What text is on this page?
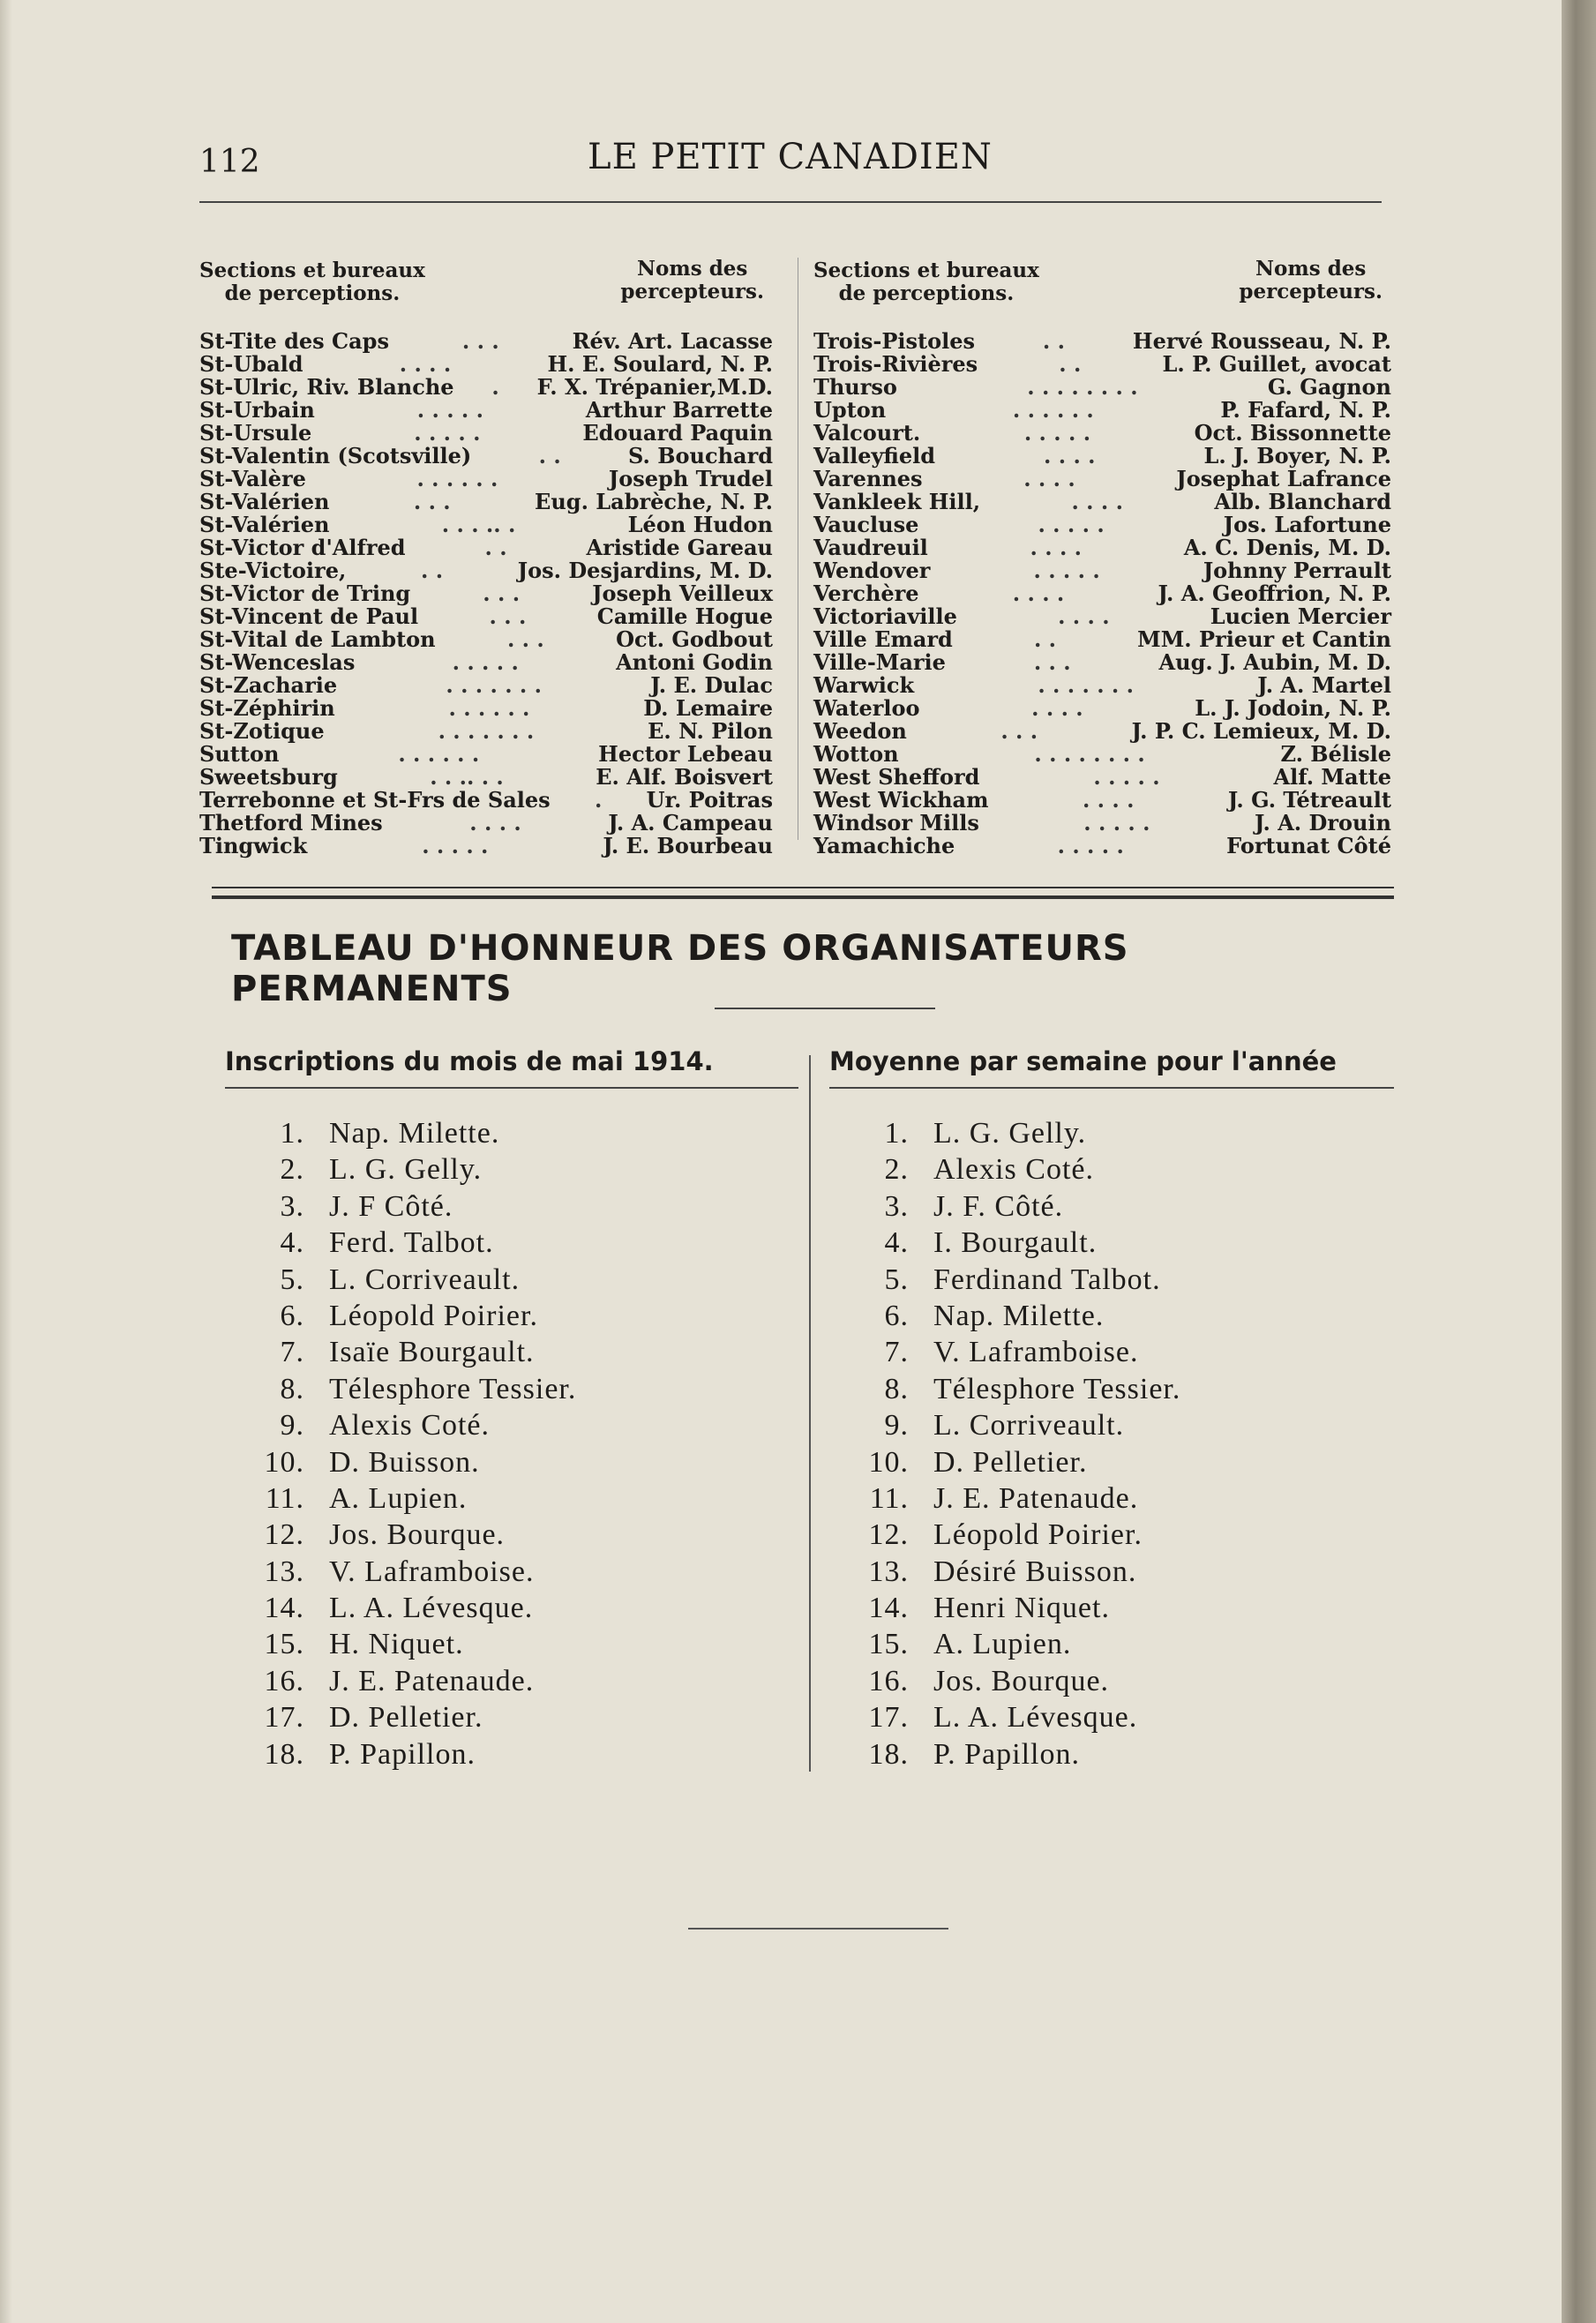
112	LE PETIT CANADIEN
Sections et bureaux
de perceptions.
Noms des
percepteurs.
St-Tite des Caps	. . .	Rév. Art. Lacasse
St-Ubald	. . . .	H. E. Soulard, N. P.
St-Ulric, Riv. Blanche	.	F. X. Trépanier,M.D.
St-Urbain	. . . . .	Arthur Barrette
St-Ursule	. . . . .	Edouard Paquin
St-Valentin (Scotsville)	. .	S. Bouchard
St-Valère	. . . . . .	Joseph Trudel
St-Valérien	. . .	Eug. Labrèche, N. P.
St-Valérien	. . . .. .	Léon Hudon
St-Victor d'Alfred	. .	Aristide Gareau
Ste-Victoire,	. .	Jos. Desjardins, M. D.
St-Victor de Tring	. . .	Joseph Veilleux
St-Vincent de Paul	. . .	Camille Hogue
St-Vital de Lambton	. . .	Oct. Godbout
St-Wenceslas	. . . . .	Antoni Godin
St-Zacharie	. . . . . . .	J. E. Dulac
St-Zéphirin	. . . . . .	D. Lemaire
St-Zotique	. . . . . . .	E. N. Pilon
Sutton	. . . . . .	Hector Lebeau
Sweetsburg	. . .. . .	E. Alf. Boisvert
Terrebonne et St-Frs de Sales	.	Ur. Poitras
Thetford Mines	. . . .	J. A. Campeau
Tingwick	. . . . .	J. E. Bourbeau
Sections et bureaux
de perceptions.
Noms des
percepteurs.
Trois-Pistoles	. .	Hervé Rousseau, N. P.
Trois-Rivières	. .	L. P. Guillet, avocat
Thurso	. . . . . . . .	G. Gagnon
Upton	. . . . . .	P. Fafard, N. P.
Valcourt.	. . . . .	Oct. Bissonnette
Valleyfield	. . . .	L. J. Boyer, N. P.
Varennes	. . . .	Josephat Lafrance
Vankleek Hill,	. . . .	Alb. Blanchard
Vaucluse	. . . . .	Jos. Lafortune
Vaudreuil	. . . .	A. C. Denis, M. D.
Wendover	. . . . .	Johnny Perrault
Verchère	. . . .	J. A. Geoffrion, N. P.
Victoriaville	. . . .	Lucien Mercier
Ville Emard	. .	MM. Prieur et Cantin
Ville-Marie	. . .	Aug. J. Aubin, M. D.
Warwick	. . . . . . .	J. A. Martel
Waterloo	. . . .	L. J. Jodoin, N. P.
Weedon	. . .	J. P. C. Lemieux, M. D.
Wotton	. . . . . . . .	Z. Bélisle
West Shefford	. . . . .	Alf. Matte
West Wickham	. . . .	J. G. Tétreault
Windsor Mills	. . . . .	J. A. Drouin
Yamachiche	. . . . .	Fortunat Côté
TABLEAU D'HONNEUR DES ORGANISATEURS PERMANENTS
Inscriptions du mois de mai 1914.
1. Nap. Milette.
2. L. G. Gelly.
3. J. F Côté.
4. Ferd. Talbot.
5. L. Corriveault.
6. Léopold Poirier.
7. Isaïe Bourgault.
8. Télesphore Tessier.
9. Alexis Coté.
10. D. Buisson.
11. A. Lupien.
12. Jos. Bourque.
13. V. Laframboise.
14. L. A. Lévesque.
15. H. Niquet.
16. J. E. Patenaude.
17. D. Pelletier.
18. P. Papillon.
Moyenne par semaine pour l'année
1. L. G. Gelly.
2. Alexis Coté.
3. J. F. Côté.
4. I. Bourgault.
5. Ferdinand Talbot.
6. Nap. Milette.
7. V. Laframboise.
8. Télesphore Tessier.
9. L. Corriveault.
10. D. Pelletier.
11. J. E. Patenaude.
12. Léopold Poirier.
13. Désiré Buisson.
14. Henri Niquet.
15. A. Lupien.
16. Jos. Bourque.
17. L. A. Lévesque.
18. P. Papillon.
